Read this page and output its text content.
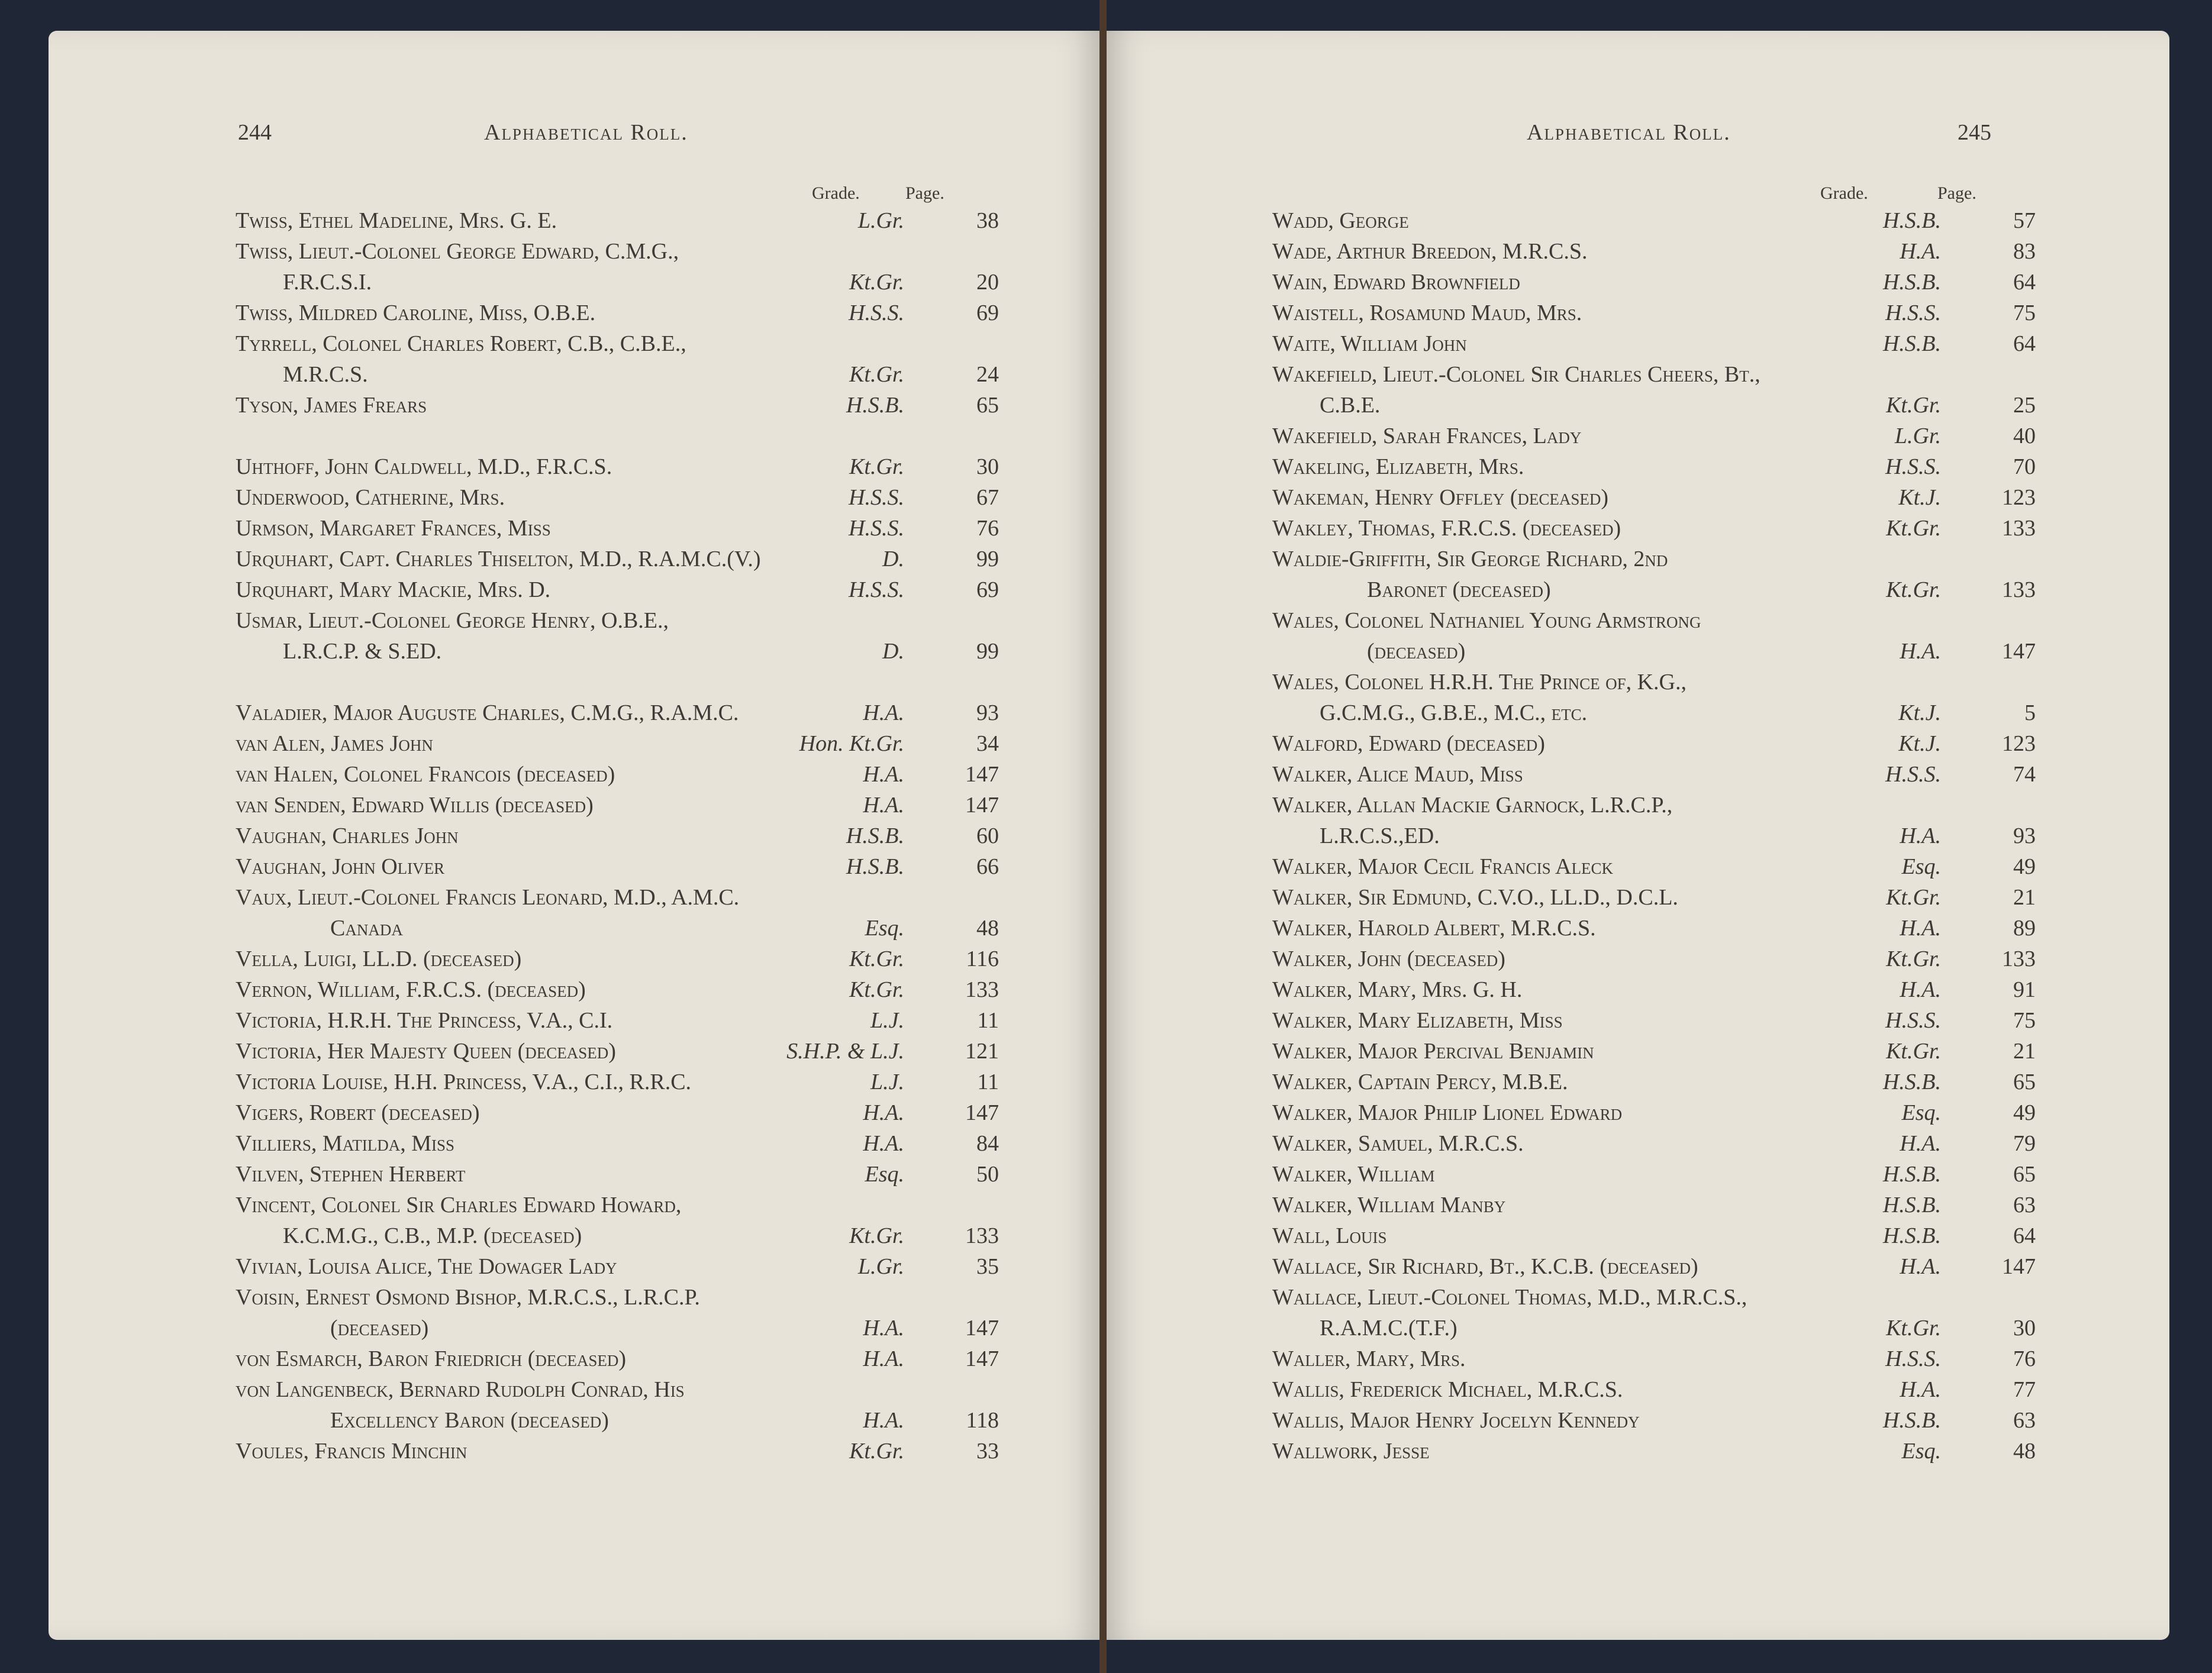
244	Alphabetical Roll.
Grade.	Page.
Twiss, Ethel Madeline, Mrs. G. E.	L.Gr.	38
Twiss, Lieut.-Colonel George Edward, C.M.G.,
F.R.C.S.I.	Kt.Gr.	20
Twiss, Mildred Caroline, Miss, O.B.E.	H.S.S.	69
Tyrrell, Colonel Charles Robert, C.B., C.B.E.,
M.R.C.S.	Kt.Gr.	24
Tyson, James Frears	H.S.B.	65
Uhthoff, John Caldwell, M.D., F.R.C.S.	Kt.Gr.	30
Underwood, Catherine, Mrs.	H.S.S.	67
Urmson, Margaret Frances, Miss	H.S.S.	76
Urquhart, Capt. Charles Thiselton, M.D., R.A.M.C.(V.)	D.	99
Urquhart, Mary Mackie, Mrs. D.	H.S.S.	69
Usmar, Lieut.-Colonel George Henry, O.B.E.,
L.R.C.P. & S.ED.	D.	99
Valadier, Major Auguste Charles, C.M.G., R.A.M.C.	H.A.	93
van Alen, James John	Hon. Kt.Gr.	34
van Halen, Colonel Francois (deceased)	H.A.	147
van Senden, Edward Willis (deceased)	H.A.	147
Vaughan, Charles John	H.S.B.	60
Vaughan, John Oliver	H.S.B.	66
Vaux, Lieut.-Colonel Francis Leonard, M.D., A.M.C.
Canada	Esq.	48
Vella, Luigi, LL.D. (deceased)	Kt.Gr.	116
Vernon, William, F.R.C.S. (deceased)	Kt.Gr.	133
Victoria, H.R.H. The Princess, V.A., C.I.	L.J.	11
Victoria, Her Majesty Queen (deceased)	S.H.P. & L.J.	121
Victoria Louise, H.H. Princess, V.A., C.I., R.R.C.	L.J.	11
Vigers, Robert (deceased)	H.A.	147
Villiers, Matilda, Miss	H.A.	84
Vilven, Stephen Herbert	Esq.	50
Vincent, Colonel Sir Charles Edward Howard,
K.C.M.G., C.B., M.P. (deceased)	Kt.Gr.	133
Vivian, Louisa Alice, The Dowager Lady	L.Gr.	35
Voisin, Ernest Osmond Bishop, M.R.C.S., L.R.C.P.
(deceased)	H.A.	147
von Esmarch, Baron Friedrich (deceased)	H.A.	147
von Langenbeck, Bernard Rudolph Conrad, His
Excellency Baron (deceased)	H.A.	118
Voules, Francis Minchin	Kt.Gr.	33
Alphabetical Roll.	245
Grade.	Page.
Wadd, George	H.S.B.	57
Wade, Arthur Breedon, M.R.C.S.	H.A.	83
Wain, Edward Brownfield	H.S.B.	64
Waistell, Rosamund Maud, Mrs.	H.S.S.	75
Waite, William John	H.S.B.	64
Wakefield, Lieut.-Colonel Sir Charles Cheers, Bt.,
C.B.E.	Kt.Gr.	25
Wakefield, Sarah Frances, Lady	L.Gr.	40
Wakeling, Elizabeth, Mrs.	H.S.S.	70
Wakeman, Henry Offley (deceased)	Kt.J.	123
Wakley, Thomas, F.R.C.S. (deceased)	Kt.Gr.	133
Waldie-Griffith, Sir George Richard, 2nd
Baronet (deceased)	Kt.Gr.	133
Wales, Colonel Nathaniel Young Armstrong
(deceased)	H.A.	147
Wales, Colonel H.R.H. The Prince of, K.G.,
G.C.M.G., G.B.E., M.C., etc.	Kt.J.	5
Walford, Edward (deceased)	Kt.J.	123
Walker, Alice Maud, Miss	H.S.S.	74
Walker, Allan Mackie Garnock, L.R.C.P.,
L.R.C.S.,ED.	H.A.	93
Walker, Major Cecil Francis Aleck	Esq.	49
Walker, Sir Edmund, C.V.O., LL.D., D.C.L.	Kt.Gr.	21
Walker, Harold Albert, M.R.C.S.	H.A.	89
Walker, John (deceased)	Kt.Gr.	133
Walker, Mary, Mrs. G. H.	H.A.	91
Walker, Mary Elizabeth, Miss	H.S.S.	75
Walker, Major Percival Benjamin	Kt.Gr.	21
Walker, Captain Percy, M.B.E.	H.S.B.	65
Walker, Major Philip Lionel Edward	Esq.	49
Walker, Samuel, M.R.C.S.	H.A.	79
Walker, William	H.S.B.	65
Walker, William Manby	H.S.B.	63
Wall, Louis	H.S.B.	64
Wallace, Sir Richard, Bt., K.C.B. (deceased)	H.A.	147
Wallace, Lieut.-Colonel Thomas, M.D., M.R.C.S.,
R.A.M.C.(T.F.)	Kt.Gr.	30
Waller, Mary, Mrs.	H.S.S.	76
Wallis, Frederick Michael, M.R.C.S.	H.A.	77
Wallis, Major Henry Jocelyn Kennedy	H.S.B.	63
Wallwork, Jesse	Esq.	48
